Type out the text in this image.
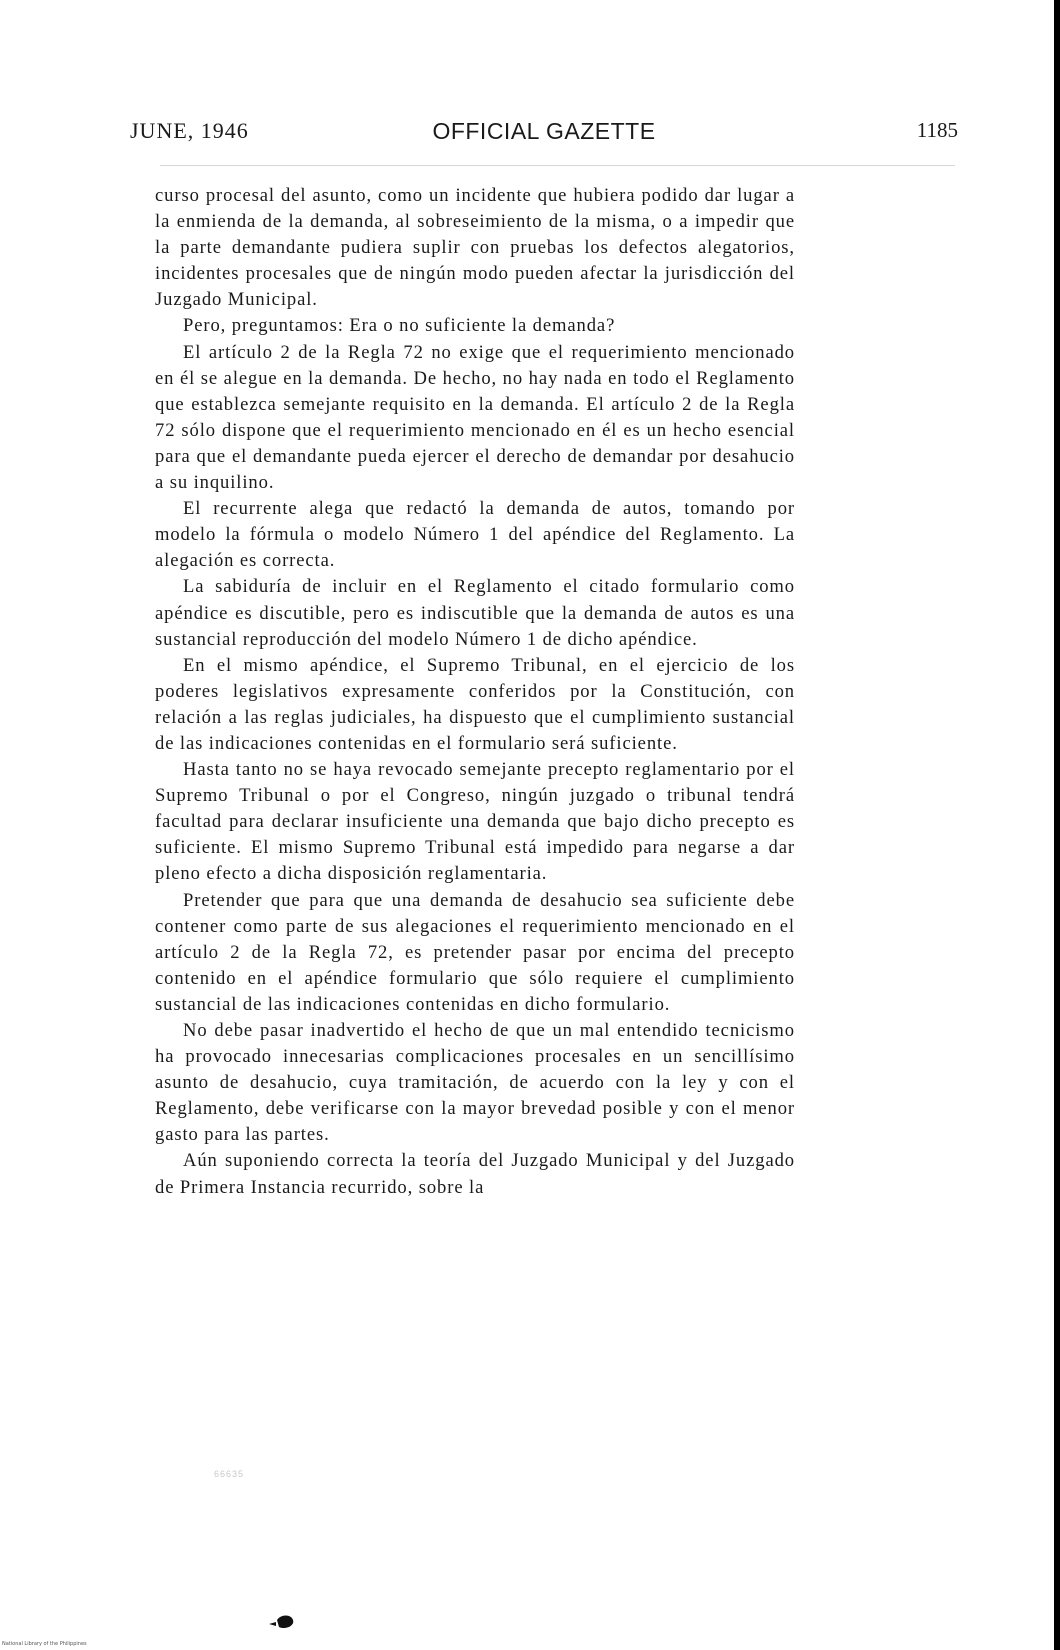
JUNE, 1946	OFFICIAL GAZETTE	1185

curso procesal del asunto, como un incidente que hubiera podido dar lugar a la enmienda de la demanda, al sobreseimiento de la misma, o a impedir que la parte demandante pudiera suplir con pruebas los defectos alegatorios, incidentes procesales que de ningún modo pueden afectar la jurisdicción del Juzgado Municipal.

Pero, preguntamos: Era o no suficiente la demanda?

El artículo 2 de la Regla 72 no exige que el requerimiento mencionado en él se alegue en la demanda. De hecho, no hay nada en todo el Reglamento que establezca semejante requisito en la demanda. El artículo 2 de la Regla 72 sólo dispone que el requerimiento mencionado en él es un hecho esencial para que el demandante pueda ejercer el derecho de demandar por desahucio a su inquilino.

El recurrente alega que redactó la demanda de autos, tomando por modelo la fórmula o modelo Número 1 del apéndice del Reglamento. La alegación es correcta.

La sabiduría de incluir en el Reglamento el citado formulario como apéndice es discutible, pero es indiscutible que la demanda de autos es una sustancial reproducción del modelo Número 1 de dicho apéndice.

En el mismo apéndice, el Supremo Tribunal, en el ejercicio de los poderes legislativos expresamente conferidos por la Constitución, con relación a las reglas judiciales, ha dispuesto que el cumplimiento sustancial de las indicaciones contenidas en el formulario será suficiente.

Hasta tanto no se haya revocado semejante precepto reglamentario por el Supremo Tribunal o por el Congreso, ningún juzgado o tribunal tendrá facultad para declarar insuficiente una demanda que bajo dicho precepto es suficiente. El mismo Supremo Tribunal está impedido para negarse a dar pleno efecto a dicha disposición reglamentaria.

Pretender que para que una demanda de desahucio sea suficiente debe contener como parte de sus alegaciones el requerimiento mencionado en el artículo 2 de la Regla 72, es pretender pasar por encima del precepto contenido en el apéndice formulario que sólo requiere el cumplimiento sustancial de las indicaciones contenidas en dicho formulario.

No debe pasar inadvertido el hecho de que un mal entendido tecnicismo ha provocado innecesarias complicaciones procesales en un sencillísimo asunto de desahucio, cuya tramitación, de acuerdo con la ley y con el Reglamento, debe verificarse con la mayor brevedad posible y con el menor gasto para las partes.

Aún suponiendo correcta la teoría del Juzgado Municipal y del Juzgado de Primera Instancia recurrido, sobre la

66635
National Library of the Philippines
